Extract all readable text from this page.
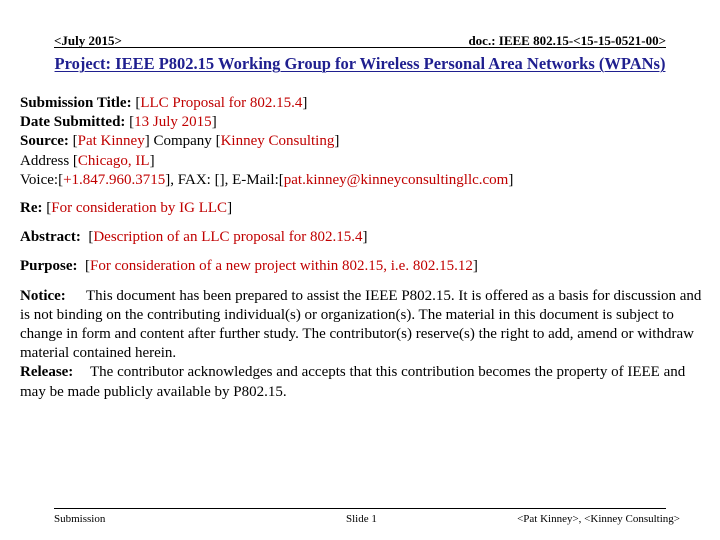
<July 2015>	doc.: IEEE 802.15-<15-15-0521-00>
Project: IEEE P802.15 Working Group for Wireless Personal Area Networks (WPANs)
Submission Title: [LLC Proposal for 802.15.4]
Date Submitted: [13 July 2015]
Source: [Pat Kinney] Company [Kinney Consulting]
Address [Chicago, IL]
Voice:[+1.847.960.3715], FAX: [], E-Mail:[pat.kinney@kinneyconsultingllc.com]
Re: [For consideration by IG LLC]
Abstract:  [Description of an LLC proposal for 802.15.4]
Purpose:  [For consideration of a new project within 802.15, i.e. 802.15.12]
Notice: This document has been prepared to assist the IEEE P802.15. It is offered as a basis for discussion and is not binding on the contributing individual(s) or organization(s). The material in this document is subject to change in form and content after further study. The contributor(s) reserve(s) the right to add, amend or withdraw material contained herein.
Release: The contributor acknowledges and accepts that this contribution becomes the property of IEEE and may be made publicly available by P802.15.
Submission	Slide 1	<Pat Kinney>, <Kinney Consulting>
